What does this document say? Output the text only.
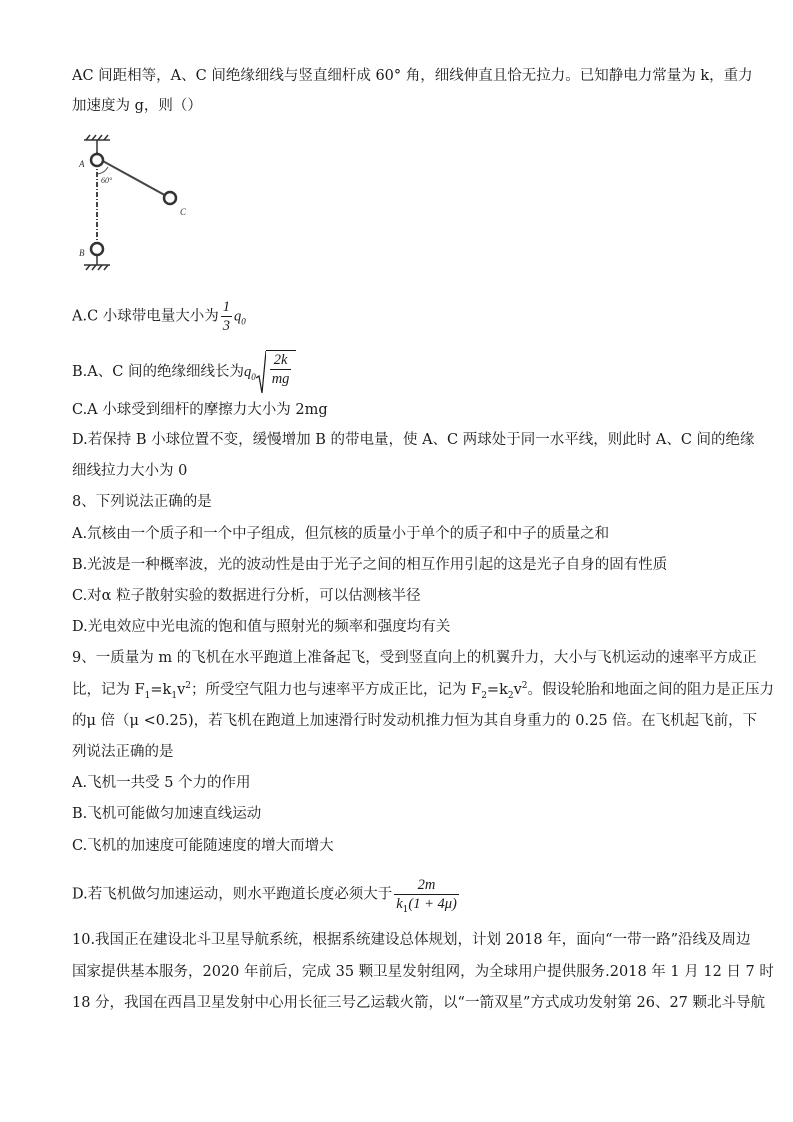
AC 间距相等，A、C 间绝缘细线与竖直细杆成 60° 角，细线伸直且恰无拉力。已知静电力常量为 k，重力
加速度为 g，则（）
A
B
C
60°
A.C 小球带电量大小为 $\frac{1}{3} q_0$
B.A、C 间的绝缘细线长为$q_0 \frac{2k}{mg}$
C.A 小球受到细杆的摩擦力大小为 2mg
D.若保持 B 小球位置不变，缓慢增加 B 的带电量，使 A、C 两球处于同一水平线，则此时 A、C 间的绝缘
细线拉力大小为 0
8、下列说法正确的是
A.氘核由一个质子和一个中子组成，但氘核的质量小于单个的质子和中子的质量之和
B.光波是一种概率波，光的波动性是由于光子之间的相互作用引起的这是光子自身的固有性质
C.对α 粒子散射实验的数据进行分析，可以估测核半径
D.光电效应中光电流的饱和值与照射光的频率和强度均有关
9、一质量为 m 的飞机在水平跑道上准备起飞，受到竖直向上的机翼升力，大小与飞机运动的速率平方成正
比，记为 $F_1=k_1v^2$；所受空气阻力也与速率平方成正比，记为 $F_2=k_2v^2$。假设轮胎和地面之间的阻力是正压力
的μ 倍（μ <0.25)，若飞机在跑道上加速滑行时发动机推力恒为其自身重力的 0.25 倍。在飞机起飞前，下
列说法正确的是
A.飞机一共受 5 个力的作用
B.飞机可能做匀加速直线运动
C.飞机的加速度可能随速度的增大而增大
D.若飞机做匀加速运动，则水平跑道长度必须大于 $\frac{2m}{k_1(1 + 4\mu)}$
10.我国正在建设北斗卫星导航系统，根据系统建设总体规划，计划 2018 年，面向“一带一路”沿线及周边
国家提供基本服务，2020 年前后，完成 35 颗卫星发射组网，为全球用户提供服务.2018 年 1 月 12 日 7 时
18 分，我国在西昌卫星发射中心用长征三号乙运载火箭，以“一箭双星”方式成功发射第 26、27 颗北斗导航
